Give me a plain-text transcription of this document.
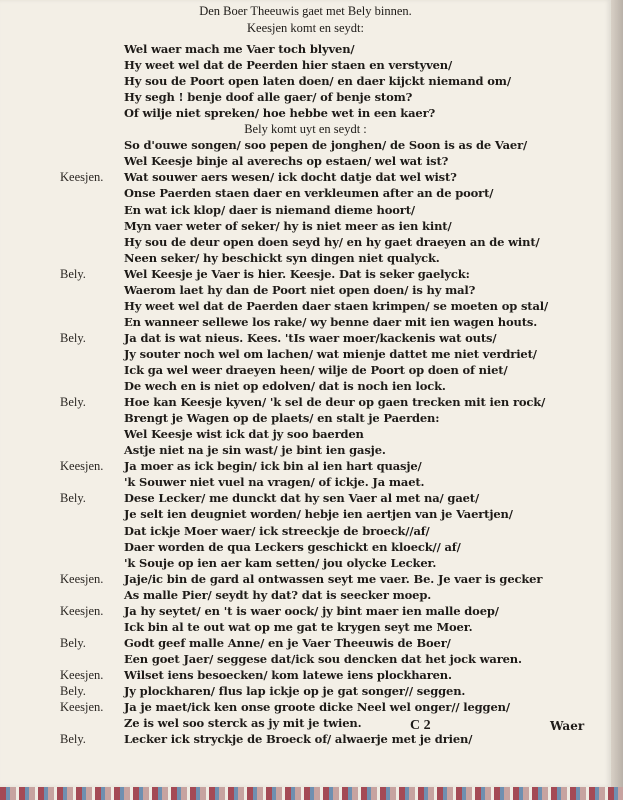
Den Boer Theeuwis gaet met Bely binnen.
Keesjen komt en seydt:
Wel waer mach me Vaer toch blyven/
Hy weet wel dat de Peerden hier staen en verstyven/
Hy sou de Poort open laten doen/ en daer kijckt niemand om/
Hy segh ! benje doof alle gaer/ of benje stom?
Of wilje niet spreken/ hoe hebbe wet in een kaer?
Bely komt uyt en seydt :
So d'ouwe songen/ soo pepen de jonghen/ de Soon is as de Vaer/
Wel Keesje binje al averechs op estaen/ wel wat ist?
Keesjen. Wat souwer aers wesen/ ick docht datje dat wel wist?
Onse Paerden staen daer en verkleumen after an de poort/
En wat ick klop/ daer is niemand dieme hoort/
Myn vaer weter of seker/ hy is niet meer as ien kint/
Hy sou de deur open doen seyd hy/ en hy gaet draeyen an de wint/
Neen seker/ hy beschickt syn dingen niet qualyck.
Bely.	Wel Keesje je Vaer is hier. Keesje. Dat is seker gaelyck:
Waerom laet hy dan de Poort niet open doen/ is hy mal?
Hy weet wel dat de Paerden daer staen krimpen/ se moeten op stal/
En wanneer sellewe los rake/ wy benne daer mit ien wagen houts.
Bely.	Ja dat is wat nieus. Kees. 'tIs waer moer/kackenis wat outs/
Jy souter noch wel om lachen/ wat mienje dattet me niet verdriet/
Ick ga wel weer draeyen heen/ wilje de Poort op doen of niet/
De wech en is niet op edolven/ dat is noch ien lock.
Bely.	Hoe kan Keesje kyven/ 'k sel de deur op gaen trecken mit ien rock/
Brengt je Wagen op de plaets/ en stalt je Paerden:
Wel Keesje wist ick dat jy soo baerden
Astje niet na je sin wast/ je bint ien gasje.
Keesjen. Ja moer as ick begin/ ick bin al ien hart quasje/
'k Souwer niet vuel na vragen/ of ickje. Ja maet.
Bely.	Dese Lecker/ me dunckt dat hy sen Vaer al met na/ gaet/
Je selt ien deugniet worden/ hebje ien aertjen van je Vaertjen/
Dat ickje Moer waer/ ick streeckje de broeck//af/
Daer worden de qua Leckers geschickt en kloeck// af/
'k Souje op ien aer kam setten/ jou olycke Lecker.
Keesjen. Jaje/ic bin de gard al ontwassen seyt me vaer. Be. Je vaer is gecker
As malle Pier/ seydt hy dat? dat is seecker moep.
Keesjen. Ja hy seytet/ en 't is waer oock/ jy bint maer ien malle doep/
Ick bin al te out wat op me gat te krygen seyt me Moer.
Bely.	Godt geef malle Anne/ en je Vaer Theeuwis de Boer/
Een goet Jaer/ seggese dat/ick sou dencken dat het jock waren.
Keesjen. Wilset iens besoecken/ kom latewe iens plockharen.
Bely.	Jy plockharen/ flus lap ickje op je gat songer// seggen.
Keesjen. Ja je maet/ick ken onse groote dicke Neel wel onger// leggen/
Ze is wel soo sterck as jy mit je twien.
Bely.	Lecker ick stryckje de Broeck of/ alwaerje met je drien/
C 2	Waer
